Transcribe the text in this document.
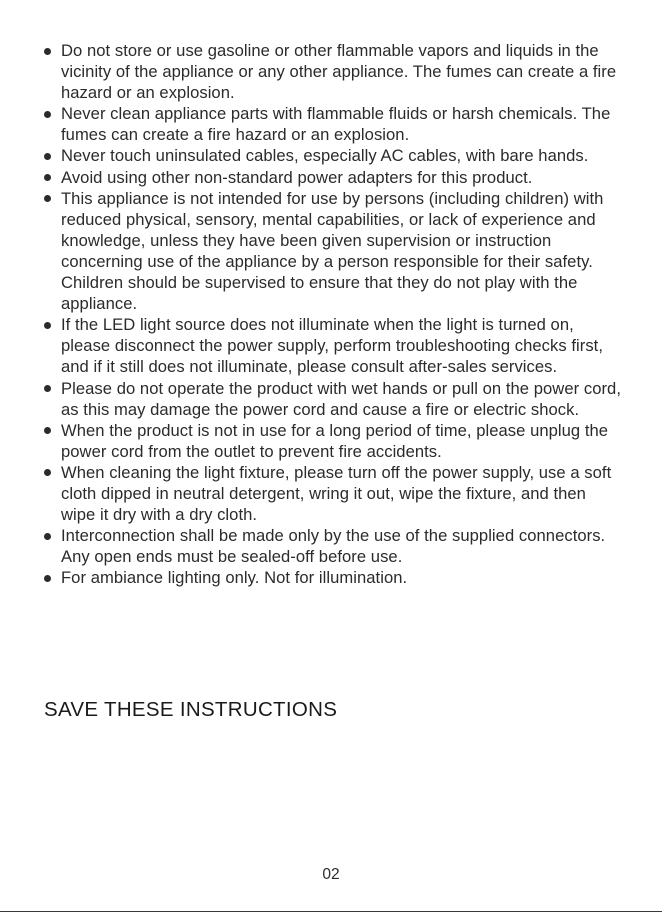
Do not store or use gasoline or other flammable vapors and liquids in the vicinity of the appliance or any other appliance. The fumes can create a fire hazard or an explosion.
Never clean appliance parts with flammable fluids or harsh chemicals. The fumes can create a fire hazard or an explosion.
Never touch uninsulated cables, especially AC cables, with bare hands.
Avoid using other non-standard power adapters for this product.
This appliance is not intended for use by persons (including children) with reduced physical, sensory, mental capabilities, or lack of experience and knowledge, unless they have been given supervision or instruction concerning use of the appliance by a person responsible for their safety. Children should be supervised to ensure that they do not play with the appliance.
If the LED light source does not illuminate when the light is turned on, please disconnect the power supply, perform troubleshooting checks first, and if it still does not illuminate, please consult after-sales services.
Please do not operate the product with wet hands or pull on the power cord, as this may damage the power cord and cause a fire or electric shock.
When the product is not in use for a long period of time, please unplug the power cord from the outlet to prevent fire accidents.
When cleaning the light fixture, please turn off the power supply, use a soft cloth dipped in neutral detergent, wring it out, wipe the fixture, and then wipe it dry with a dry cloth.
Interconnection shall be made only by the use of the supplied connectors. Any open ends must be sealed-off before use.
For ambiance lighting only. Not for illumination.
SAVE THESE INSTRUCTIONS
02
